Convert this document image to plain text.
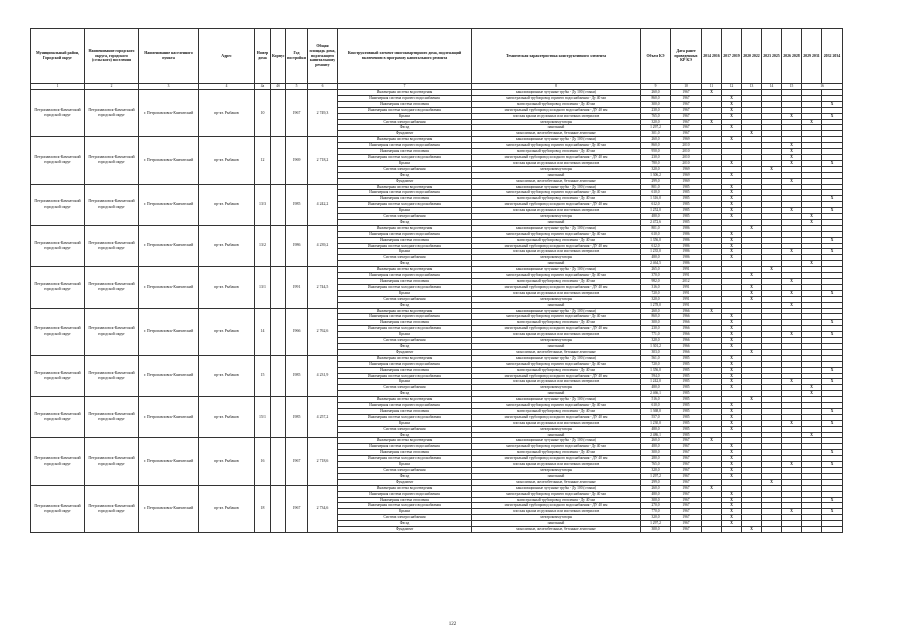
Муниципальный район, Городской округ	Наименование городского округа, городского (сельского) поселения	Наименование населенного пункта	Адрес	Номер дома	Корпус	Год постройки	Общая площадь дома, подлежащего капитальному ремонту	Конструктивный элемент многоквартирного дома, подлежащий включению в программу капитального ремонта	Техническая характеристика конструктивного элемента	Объем КЭ	Дата ранее проведенных КР КЭ	2014 2016	2017 2019	2020 2022	2023 2025	2026 2028	2029 2031	2032 2034
1	2	3	4	4а	4б	5	6	7	8	9	10	11	12	13	14	15	16	
Петропавловск-Камчатский городской округ	Петропавловск-Камчатский городской округ	г. Петропавловск-Камчатский	пр-кт. Рыбаков	10		1967	2 749,3	Инженерная система водоотведения	канализационные чугунные трубы - Ду 100 (стояки)	260,0	1967	X						
								Инженерная система горячего водоснабжения	магистральный трубопровод горячего водоснабжения - Ду 40 мм	860,0	1967		X					
								Инженерная система отопления	магистральный трубопровод отопления - Ду 40 мм	300,0	1967		X					X
								Инженерная система холодного водоснабжения	магистральный трубопровод холодного водоснабжения - ДУ 40 мм	230,0	1967		X					
								Крыша	плоская крыша из рулонных или мастичных материалов	765,0	1967		X			X		X
								Система электроснабжения	электрокоммутаторы	320,0	1967	X					X	
								Фасад	панельный	1 297,2	1967		X					
								Фундамент	монолитные, железобетонные, бетонные ленточные	301,0	1967			X				
Петропавловск-Камчатский городской округ	Петропавловск-Камчатский городской округ	г. Петропавловск-Камчатский	пр-кт. Рыбаков	12		1969	2 718,2	Инженерная система водоотведения	канализационные чугунные трубы - Ду 100 (стояки)	260,0	1969		X					
								Инженерная система горячего водоснабжения	магистральный трубопровод горячего водоснабжения - Ду 40 мм	860,0	2010					X		
								Инженерная система отопления	магистральный трубопровод отопления - Ду 40 мм	950,0	2010					X		
								Инженерная система холодного водоснабжения	магистральный трубопровод холодного водоснабжения - ДУ 40 мм	230,0	2010					X		
								Крыша	плоская крыша из рулонных или мастичных материалов	780,0	2010		X			X		X
								Система электроснабжения	электрокоммутаторы	320,0	1969				X			
								Фасад	панельный	1 306,2	1969		X					
								Фундамент	монолитные, железобетонные, бетонные ленточные	299,0	1969					X		
Петропавловск-Камчатский городской округ	Петропавловск-Камчатский городской округ	г. Петропавловск-Камчатский	пр-кт. Рыбаков	13/3		1985	4 242,2	Инженерная система водоотведения	канализационные чугунные трубы - Ду 100 (стояки)	801,0	1985		X					
								Инженерная система горячего водоснабжения	магистральный трубопровод горячего водоснабжения - Ду 40 мм	610,0	1985		X					
								Инженерная система отопления	магистральный трубопровод отопления - Ду 40 мм	1 316,0	1985		X					X
								Инженерная система холодного водоснабжения	магистральный трубопровод холодного водоснабжения - ДУ 40 мм	612,0	1985		X					
								Крыша	плоская крыша из рулонных или мастичных материалов	1 252,0	1985		X			X		X
								Система электроснабжения	электрокоммутаторы	480,0	1985		X				X	
								Фасад	панельный	2 472,6	1985						X	
Петропавловск-Камчатский городской округ	Петропавловск-Камчатский городской округ	г. Петропавловск-Камчатский	пр-кт. Рыбаков	13/2		1986	4 239,2	Инженерная система водоотведения	канализационные чугунные трубы - Ду 100 (стояки)	801,0	1986			X				
								Инженерная система горячего водоснабжения	магистральный трубопровод горячего водоснабжения - Ду 40 мм	610,0	1986		X					
								Инженерная система отопления	магистральный трубопровод отопления - Ду 40 мм	1 356,0	1986		X					X
								Инженерная система холодного водоснабжения	магистральный трубопровод холодного водоснабжения - ДУ 40 мм	612,0	1986		X					
								Крыша	плоская крыша из рулонных или мастичных материалов	1 235,0	1986		X			X		X
								Система электроснабжения	электрокоммутаторы	480,0	1986		X					
								Фасад	панельный	2 464,5	1986						X	
Петропавловск-Камчатский городской округ	Петропавловск-Камчатский городской округ	г. Петропавловск-Камчатский	пр-кт. Рыбаков	13/1		1991	2 744,5	Инженерная система водоотведения	канализационные чугунные трубы - Ду 100 (стояки)	265,0	1991				X			
								Инженерная система горячего водоснабжения	магистральный трубопровод горячего водоснабжения - Ду 40 мм	370,0	1991			X				
								Инженерная система отопления	магистральный трубопровод отопления - Ду 40 мм	982,0	2012					X		
								Инженерная система холодного водоснабжения	магистральный трубопровод холодного водоснабжения - ДУ 40 мм	316,0	1991			X				
								Крыша	плоская крыша из рулонных или мастичных материалов	720,0	1991			X		X		X
								Система электроснабжения	электрокоммутаторы	320,0	1991			X				
								Фасад	панельный	1 278,0	1991					X		
Петропавловск-Камчатский городской округ	Петропавловск-Камчатский городской округ	г. Петропавловск-Камчатский	пр-кт. Рыбаков	14		1966	2 762,6	Инженерная система водоотведения	канализационные чугунные трубы - Ду 100 (стояки)	260,0	1966	X						
								Инженерная система горячего водоснабжения	магистральный трубопровод горячего водоснабжения - Ду 40 мм	860,0	1966		X					
								Инженерная система отопления	магистральный трубопровод отопления - Ду 40 мм	300,0	1966		X					X
								Инженерная система холодного водоснабжения	магистральный трубопровод холодного водоснабжения - ДУ 40 мм	230,0	1966		X					
								Крыша	плоская крыша из рулонных или мастичных материалов	771,0	1966		X			X		X
								Система электроснабжения	электрокоммутаторы	320,0	1966		X					
								Фасад	панельный	1 301,2	1966		X					
								Фундамент	монолитные, железобетонные, бетонные ленточные	303,0	1966			X				
Петропавловск-Камчатский городской округ	Петропавловск-Камчатский городской округ	г. Петропавловск-Камчатский	пр-кт. Рыбаков	15		1985	4 231,9	Инженерная система водоотведения	канализационные чугунные трубы - Ду 100 (стояки)	561,0	1985		X					
								Инженерная система горячего водоснабжения	магистральный трубопровод горячего водоснабжения - Ду 40 мм	720,0	1985		X					
								Инженерная система отопления	магистральный трубопровод отопления - Ду 40 мм	1 356,0	1985		X					X
								Инженерная система холодного водоснабжения	магистральный трубопровод холодного водоснабжения - ДУ 40 мм	594,0	1985		X					
								Крыша	плоская крыша из рулонных или мастичных материалов	1 242,0	1985		X			X		X
								Система электроснабжения	электрокоммутаторы	480,0	1985		X				X	
								Фасад	панельный	2 466,1	1985						X	
Петропавловск-Камчатский городской округ	Петропавловск-Камчатский городской округ	г. Петропавловск-Камчатский	пр-кт. Рыбаков	15/1		1985	4 257,2	Инженерная система водоотведения	канализационные чугунные трубы - Ду 100 (стояки)	516,0	1985			X				
								Инженерная система горячего водоснабжения	магистральный трубопровод горячего водоснабжения - Ду 40 мм	610,0	1985		X					
								Инженерная система отопления	магистральный трубопровод отопления - Ду 40 мм	1 368,0	1985		X					X
								Инженерная система холодного водоснабжения	магистральный трубопровод холодного водоснабжения - ДУ 40 мм	557,0	1985		X					
								Крыша	плоская крыша из рулонных или мастичных материалов	1 230,0	1985		X			X		X
								Система электроснабжения	электрокоммутаторы	480,0	1985		X					
								Фасад	панельный	2 486,1	1985						X	
Петропавловск-Камчатский городской округ	Петропавловск-Камчатский городской округ	г. Петропавловск-Камчатский	пр-кт. Рыбаков	16		1967	2 718,6	Инженерная система водоотведения	канализационные чугунные трубы - Ду 100 (стояки)	260,0	1967	X						
								Инженерная система горячего водоснабжения	магистральный трубопровод горячего водоснабжения - Ду 40 мм	480,0	1967		X					
								Инженерная система отопления	магистральный трубопровод отопления - Ду 40 мм	300,0	1967		X					X
								Инженерная система холодного водоснабжения	магистральный трубопровод холодного водоснабжения - ДУ 40 мм	280,0	1967		X					
								Крыша	плоская крыша из рулонных или мастичных материалов	765,0	1967		X			X		X
								Система электроснабжения	электрокоммутаторы	320,0	1967		X					
								Фасад	панельный	1 297,2	1967		X					
								Фундамент	монолитные, железобетонные, бетонные ленточные	299,0	1967				X			
Петропавловск-Камчатский городской округ	Петропавловск-Камчатский городской округ	г. Петропавловск-Камчатский	пр-кт. Рыбаков	18		1967	2 734,6	Инженерная система водоотведения	канализационные чугунные трубы - Ду 100 (стояки)	260,0	1967	X						
								Инженерная система горячего водоснабжения	магистральный трубопровод горячего водоснабжения - Ду 40 мм	480,0	1967		X					
								Инженерная система отопления	магистральный трубопровод отопления - Ду 40 мм	300,0	1967		X					X
								Инженерная система холодного водоснабжения	магистральный трубопровод холодного водоснабжения - ДУ 40 мм	270,0	1967		X					
								Крыша	плоская крыша из рулонных или мастичных материалов	770,0	1967		X			X		X
								Система электроснабжения	электрокоммутаторы	320,0	1967		X					
								Фасад	панельный	1 297,2	1967		X					
								Фундамент	монолитные, железобетонные, бетонные ленточные	300,0	1967			X				
122
